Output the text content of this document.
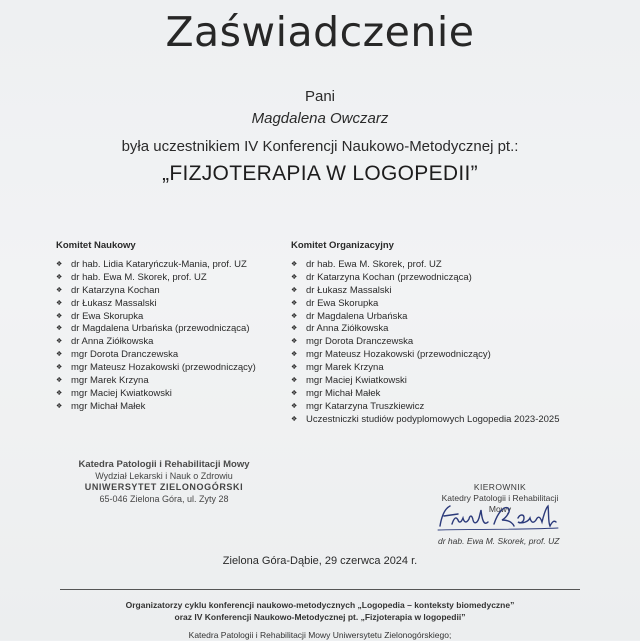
Zaświadczenie
Pani
Magdalena Owczarz
była uczestnikiem IV Konferencji Naukowo-Metodycznej pt.:
„FIZJOTERAPIA W LOGOPEDII”
Komitet Naukowy
❖ dr hab. Lidia Kataryńczuk-Mania, prof. UZ
❖ dr hab. Ewa M. Skorek, prof. UZ
❖ dr Katarzyna Kochan
❖ dr Łukasz Massalski
❖ dr Ewa Skorupka
❖ dr Magdalena Urbańska (przewodnicząca)
❖ dr Anna Ziółkowska
❖ mgr Dorota Dranczewska
❖ mgr Mateusz Hozakowski (przewodniczący)
❖ mgr Marek Krzyna
❖ mgr Maciej Kwiatkowski
❖ mgr Michał Małek
Komitet Organizacyjny
❖ dr hab. Ewa M. Skorek, prof. UZ
❖ dr Katarzyna Kochan (przewodnicząca)
❖ dr Łukasz Massalski
❖ dr Ewa Skorupka
❖ dr Magdalena Urbańska
❖ dr Anna Ziółkowska
❖ mgr Dorota Dranczewska
❖ mgr Mateusz Hozakowski (przewodniczący)
❖ mgr Marek Krzyna
❖ mgr Maciej Kwiatkowski
❖ mgr Michał Małek
❖ mgr Katarzyna Truszkiewicz
❖ Uczestniczki studiów podyplomowych Logopedia 2023-2025
Katedra Patologii i Rehabilitacji Mowy
Wydział Lekarski i Nauk o Zdrowiu
UNIWERSYTET ZIELONOGÓRSKI
65-046 Zielona Góra, ul. Zyty 28
KIEROWNIK
Katedry Patologii i Rehabilitacji Mowy
dr hab. Ewa M. Skorek, prof. UZ
Zielona Góra-Dąbie, 29 czerwca 2024 r.
Organizatorzy cyklu konferencji naukowo-metodycznych „Logopedia – konteksty biomedyczne”
oraz IV Konferencji Naukowo-Metodycznej pt. „Fizjoterapia w logopedii”
Katedra Patologii i Rehabilitacji Mowy Uniwersytetu Zielonogórskiego;
